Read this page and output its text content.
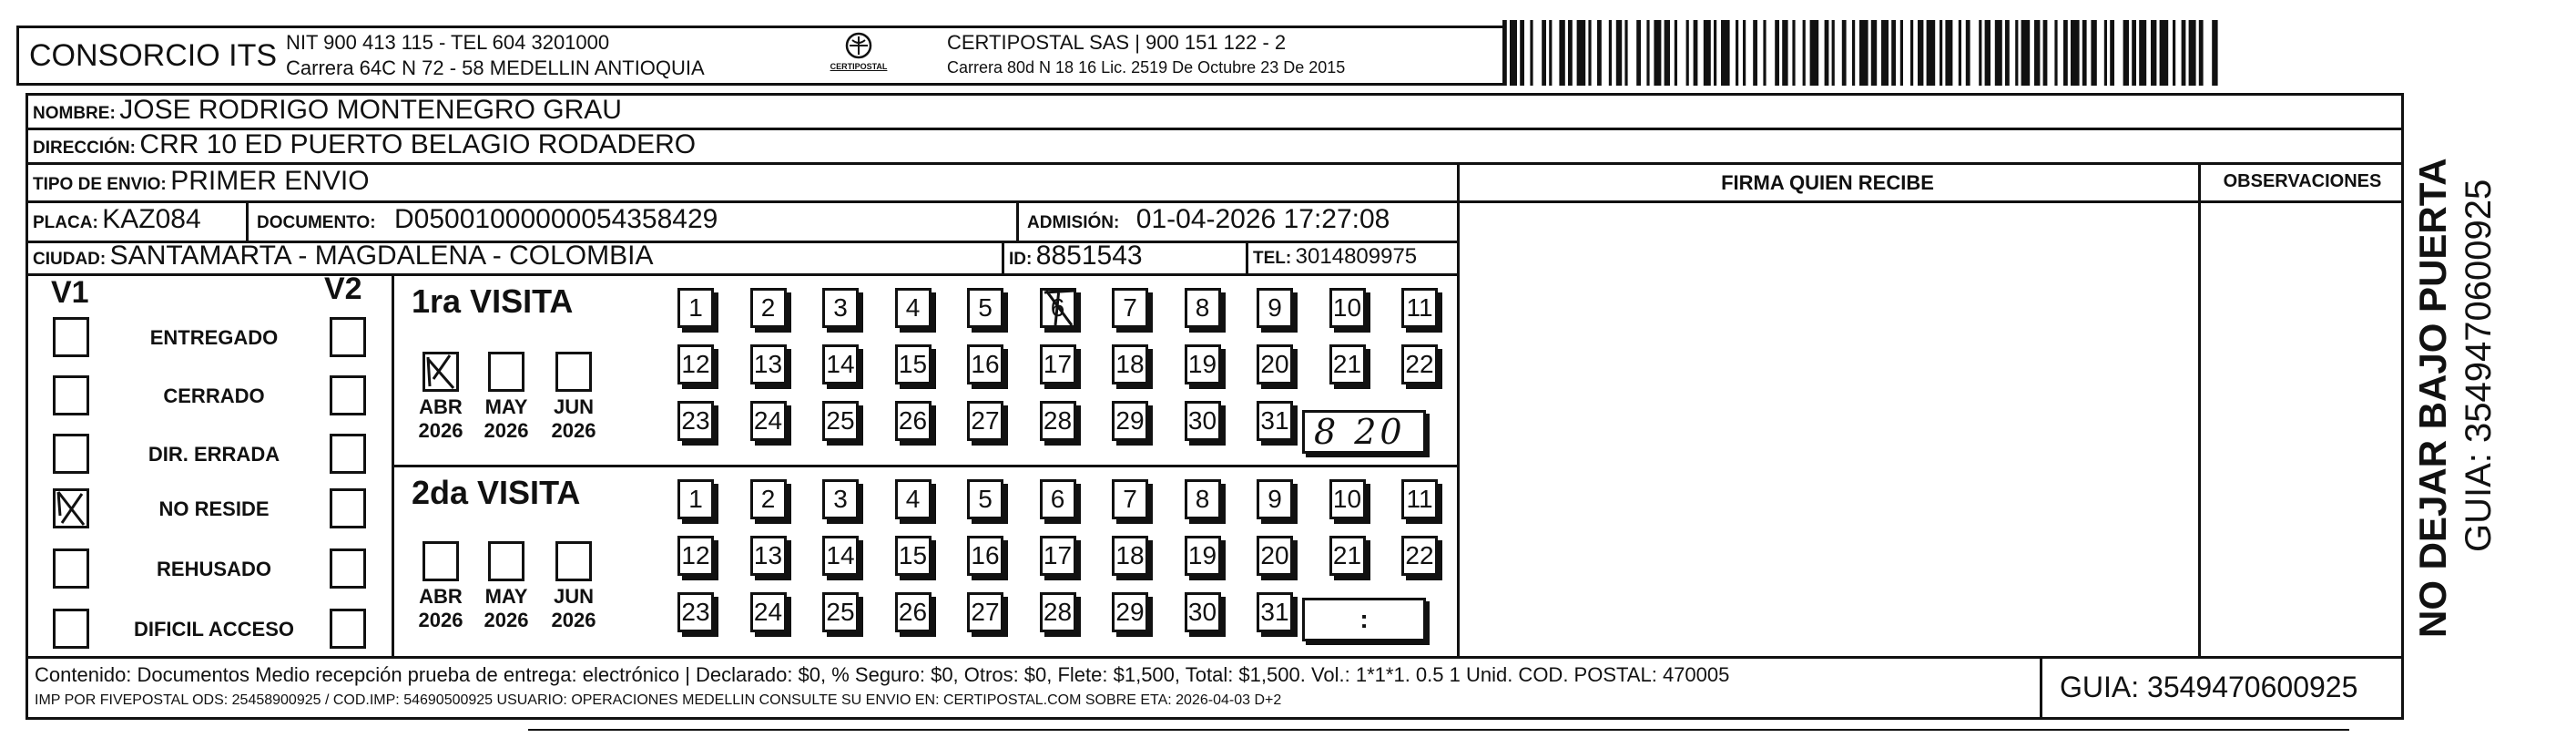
CONSORCIO ITS NIT 900 413 115 - TEL 604 3201000
Carrera 64C N 72 - 58 MEDELLIN ANTIOQUIA	CERTIPOSTAL
CERTIPOSTAL SAS | 900 151 122 - 2
Carrera 80d N 18 16 Lic. 2519 De Octubre 23 De 2015
NOMBRE: JOSE RODRIGO MONTENEGRO GRAU
DIRECCIÓN: CRR 10 ED PUERTO BELAGIO RODADERO
TIPO DE ENVIO: PRIMER ENVIO	FIRMA QUIEN RECIBE	OBSERVACIONES
PLACA: KAZ084	DOCUMENTO: D05001000000054358429	ADMISIÓN: 01-04-2026 17:27:08
CIUDAD: SANTAMARTA - MAGDALENA - COLOMBIA	ID: 8851543	TEL: 3014809975
V1	V2
ENTREGADO
CERRADO
DIR. ERRADA
NO RESIDE
REHUSADO
DIFICIL ACCESO
1ra VISITA
2da VISITA
ABR
2026
MAY
2026
JUN
2026
ABR
2026
MAY
2026
JUN
2026
1 2 3 4 5 6 7 8 9 10 11
12 13 14 15 16 17 18 19 20 21 22
23 24 25 26 27 28 29 30 31
1 2 3 4 5 6 7 8 9 10 11
12 13 14 15 16 17 18 19 20 21 22
23 24 25 26 27 28 29 30 31
8 20
:
Contenido: Documentos Medio recepción prueba de entrega: electrónico | Declarado: $0, % Seguro: $0, Otros: $0, Flete: $1,500, Total: $1,500. Vol.: 1*1*1. 0.5 1 Unid. COD. POSTAL: 470005
IMP POR FIVEPOSTAL ODS: 25458900925 / COD.IMP: 54690500925 USUARIO: OPERACIONES MEDELLIN CONSULTE SU ENVIO EN: CERTIPOSTAL.COM SOBRE ETA: 2026-04-03 D+2	GUIA: 3549470600925
NO DEJAR BAJO PUERTA GUIA: 3549470600925
